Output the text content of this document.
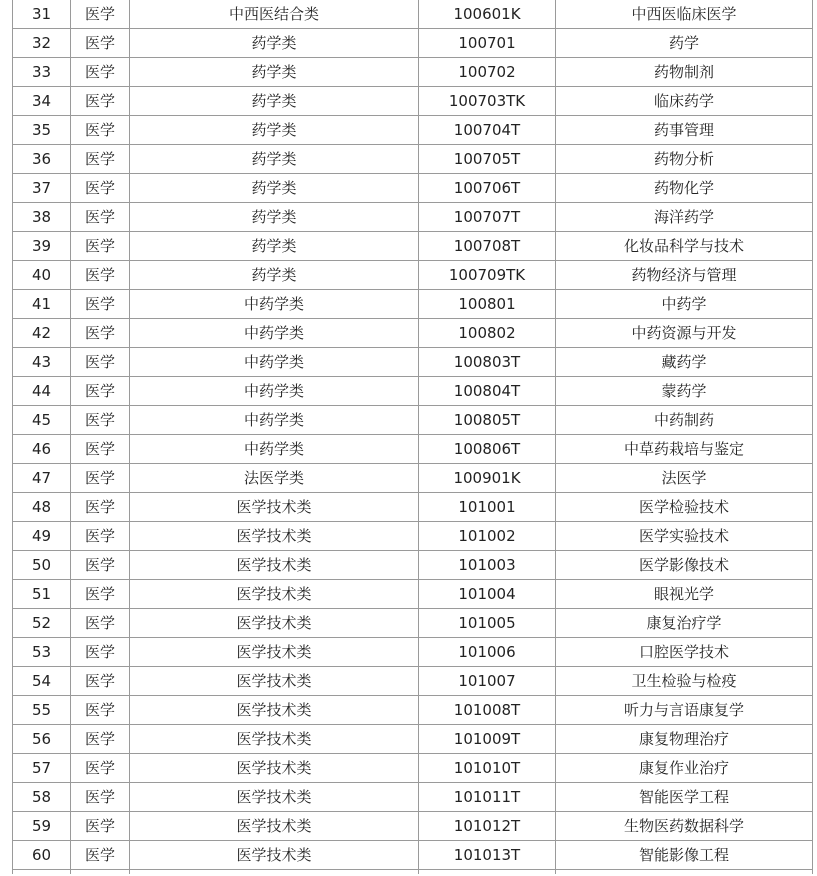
31	医学	中西医结合类	100601K	中西医临床医学
32	医学	药学类	100701	药学
33	医学	药学类	100702	药物制剂
34	医学	药学类	100703TK	临床药学
35	医学	药学类	100704T	药事管理
36	医学	药学类	100705T	药物分析
37	医学	药学类	100706T	药物化学
38	医学	药学类	100707T	海洋药学
39	医学	药学类	100708T	化妆品科学与技术
40	医学	药学类	100709TK	药物经济与管理
41	医学	中药学类	100801	中药学
42	医学	中药学类	100802	中药资源与开发
43	医学	中药学类	100803T	藏药学
44	医学	中药学类	100804T	蒙药学
45	医学	中药学类	100805T	中药制药
46	医学	中药学类	100806T	中草药栽培与鉴定
47	医学	法医学类	100901K	法医学
48	医学	医学技术类	101001	医学检验技术
49	医学	医学技术类	101002	医学实验技术
50	医学	医学技术类	101003	医学影像技术
51	医学	医学技术类	101004	眼视光学
52	医学	医学技术类	101005	康复治疗学
53	医学	医学技术类	101006	口腔医学技术
54	医学	医学技术类	101007	卫生检验与检疫
55	医学	医学技术类	101008T	听力与言语康复学
56	医学	医学技术类	101009T	康复物理治疗
57	医学	医学技术类	101010T	康复作业治疗
58	医学	医学技术类	101011T	智能医学工程
59	医学	医学技术类	101012T	生物医药数据科学
60	医学	医学技术类	101013T	智能影像工程
